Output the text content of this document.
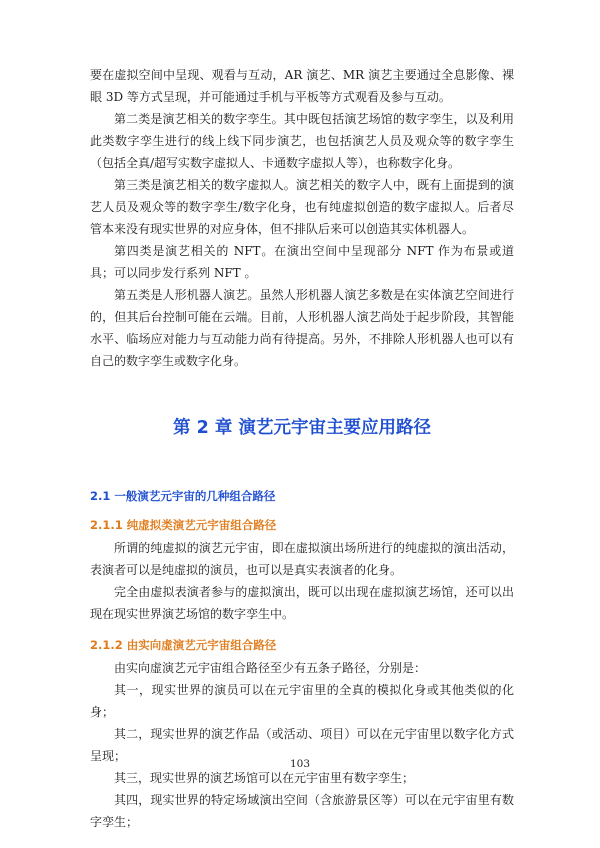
要在虚拟空间中呈现、观看与互动，AR 演艺、MR 演艺主要通过全息影像、裸眼 3D 等方式呈现，并可能通过手机与平板等方式观看及参与互动。

第二类是演艺相关的数字孪生。其中既包括演艺场馆的数字孪生，以及利用此类数字孪生进行的线上线下同步演艺，也包括演艺人员及观众等的数字孪生（包括全真/超写实数字虚拟人、卡通数字虚拟人等），也称数字化身。

第三类是演艺相关的数字虚拟人。演艺相关的数字人中，既有上面提到的演艺人员及观众等的数字孪生/数字化身，也有纯虚拟创造的数字虚拟人。后者尽管本来没有现实世界的对应身体，但不排队后来可以创造其实体机器人。

第四类是演艺相关的 NFT。在演出空间中呈现部分 NFT 作为布景或道具；可以同步发行系列 NFT 。

第五类是人形机器人演艺。虽然人形机器人演艺多数是在实体演艺空间进行的，但其后台控制可能在云端。目前，人形机器人演艺尚处于起步阶段，其智能水平、临场应对能力与互动能力尚有待提高。另外，不排除人形机器人也可以有自己的数字孪生或数字化身。

第 2 章 演艺元宇宙主要应用路径
2.1 一般演艺元宇宙的几种组合路径
2.1.1 纯虚拟类演艺元宇宙组合路径

所谓的纯虚拟的演艺元宇宙，即在虚拟演出场所进行的纯虚拟的演出活动，表演者可以是纯虚拟的演员，也可以是真实表演者的化身。

完全由虚拟表演者参与的虚拟演出，既可以出现在虚拟演艺场馆，还可以出现在现实世界演艺场馆的数字孪生中。

2.1.2 由实向虚演艺元宇宙组合路径

由实向虚演艺元宇宙组合路径至少有五条子路径，分别是：

其一，现实世界的演员可以在元宇宙里的全真的模拟化身或其他类似的化身；

其二，现实世界的演艺作品（或活动、项目）可以在元宇宙里以数字化方式呈现；

其三，现实世界的演艺场馆可以在元宇宙里有数字孪生；

其四，现实世界的特定场域演出空间（含旅游景区等）可以在元宇宙里有数字孪生；

103
